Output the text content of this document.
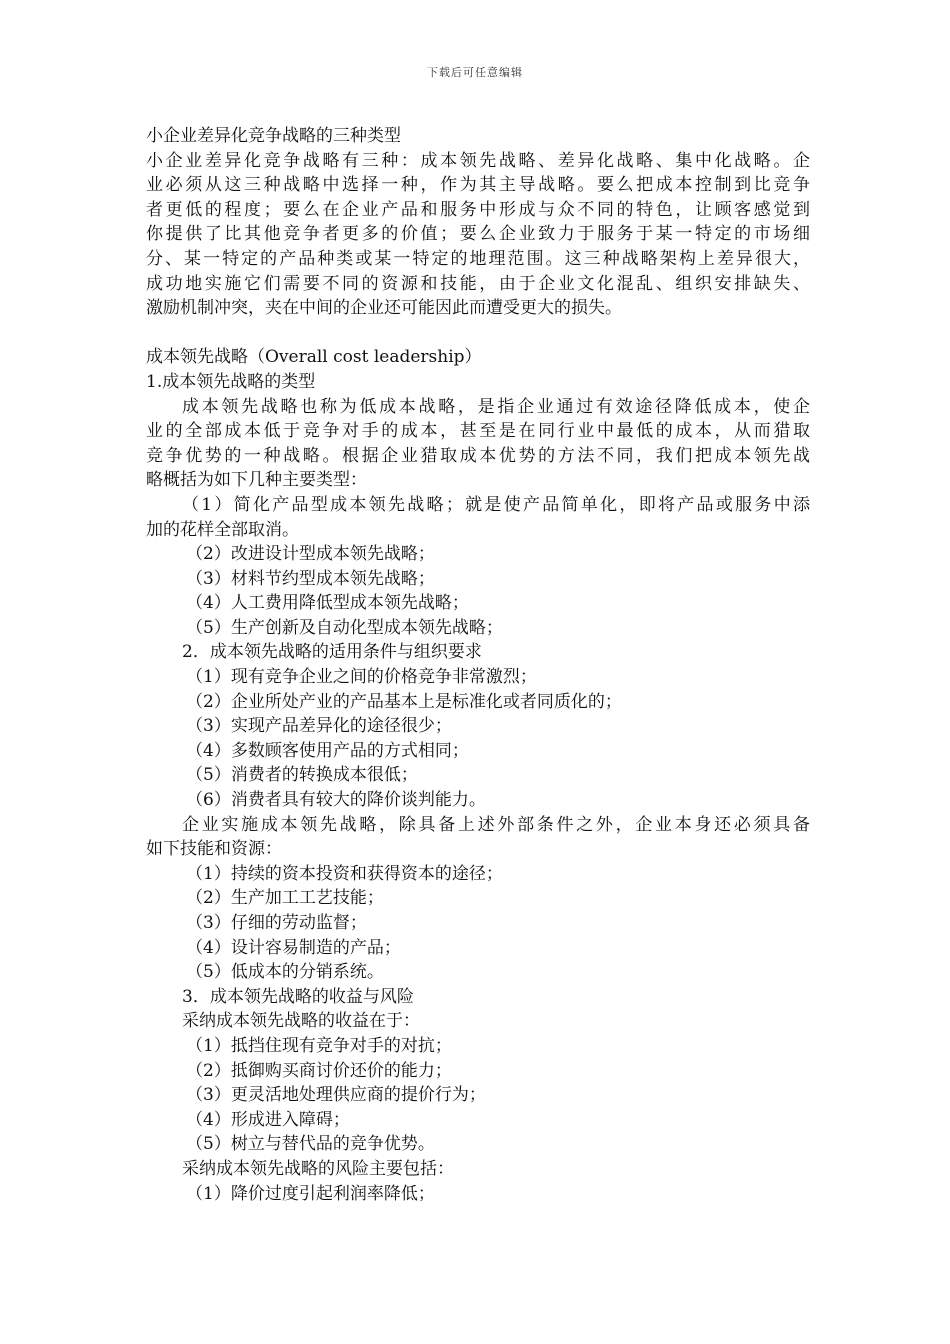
下载后可任意编辑
小企业差异化竞争战略的三种类型
小企业差异化竞争战略有三种：成本领先战略、差异化战略、集中化战略。企
业必须从这三种战略中选择一种，作为其主导战略。要么把成本控制到比竞争
者更低的程度；要么在企业产品和服务中形成与众不同的特色，让顾客感觉到
你提供了比其他竞争者更多的价值；要么企业致力于服务于某一特定的市场细
分、某一特定的产品种类或某一特定的地理范围。这三种战略架构上差异很大，
成功地实施它们需要不同的资源和技能，由于企业文化混乱、组织安排缺失、
激励机制冲突，夹在中间的企业还可能因此而遭受更大的损失。
成本领先战略（Overall cost leadership）
1.成本领先战略的类型
成本领先战略也称为低成本战略，是指企业通过有效途径降低成本，使企
业的全部成本低于竞争对手的成本，甚至是在同行业中最低的成本，从而猎取
竞争优势的一种战略。根据企业猎取成本优势的方法不同，我们把成本领先战
略概括为如下几种主要类型：
（1）简化产品型成本领先战略；就是使产品简单化，即将产品或服务中添
加的花样全部取消。
（2）改进设计型成本领先战略；
（3）材料节约型成本领先战略；
（4）人工费用降低型成本领先战略；
（5）生产创新及自动化型成本领先战略；
2．成本领先战略的适用条件与组织要求
（1）现有竞争企业之间的价格竞争非常激烈；
（2）企业所处产业的产品基本上是标准化或者同质化的；
（3）实现产品差异化的途径很少；
（4）多数顾客使用产品的方式相同；
（5）消费者的转换成本很低；
（6）消费者具有较大的降价谈判能力。
企业实施成本领先战略，除具备上述外部条件之外，企业本身还必须具备
如下技能和资源：
（1）持续的资本投资和获得资本的途径；
（2）生产加工工艺技能；
（3）仔细的劳动监督；
（4）设计容易制造的产品；
（5）低成本的分销系统。
3．成本领先战略的收益与风险
采纳成本领先战略的收益在于：
（1）抵挡住现有竞争对手的对抗；
（2）抵御购买商讨价还价的能力；
（3）更灵活地处理供应商的提价行为；
（4）形成进入障碍；
（5）树立与替代品的竞争优势。
采纳成本领先战略的风险主要包括：
（1）降价过度引起利润率降低；
